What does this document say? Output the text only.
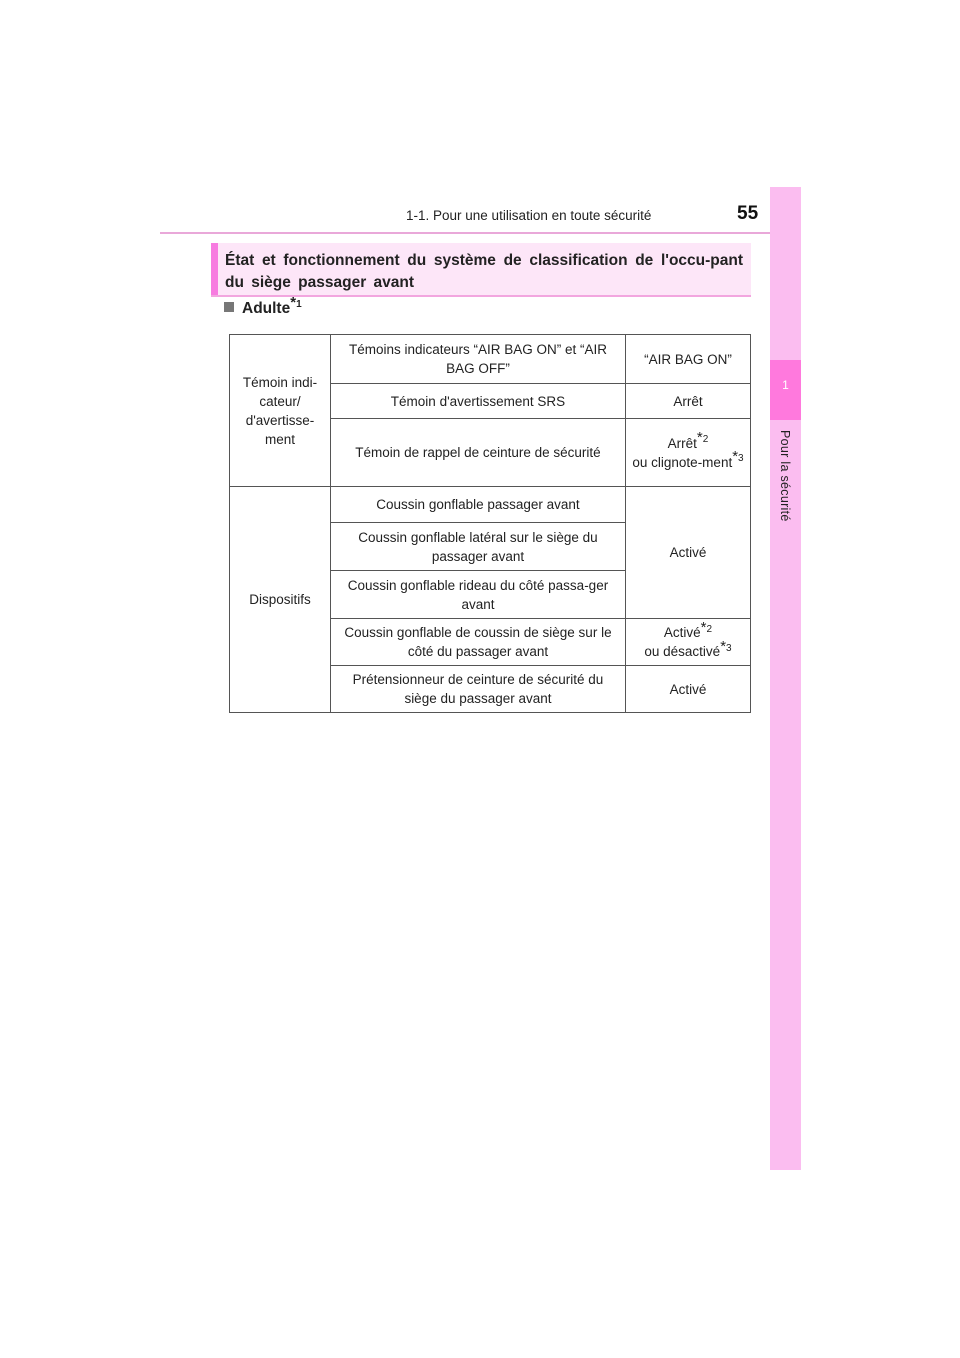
1-1. Pour une utilisation en toute sécurité	55
1
Pour la sécurité
État et fonctionnement du système de classification de l'occu-pant du siège passager avant
Adulte$^{*1}$
Témoin indi-cateur/ d'avertisse-ment	Témoins indicateurs “AIR BAG ON” et “AIR BAG OFF”	“AIR BAG ON”
	Témoin d'avertissement SRS	Arrêt
	Témoin de rappel de ceinture de sécurité	Arrêt$^{*2}$
ou clignote-ment$^{*3}$
Dispositifs	Coussin gonflable passager avant	Activé
	Coussin gonflable latéral sur le siège du passager avant	
	Coussin gonflable rideau du côté passa-ger avant	
	Coussin gonflable de coussin de siège sur le côté du passager avant	Activé$^{*2}$
ou désactivé$^{*3}$
	Prétensionneur de ceinture de sécurité du siège du passager avant	Activé
